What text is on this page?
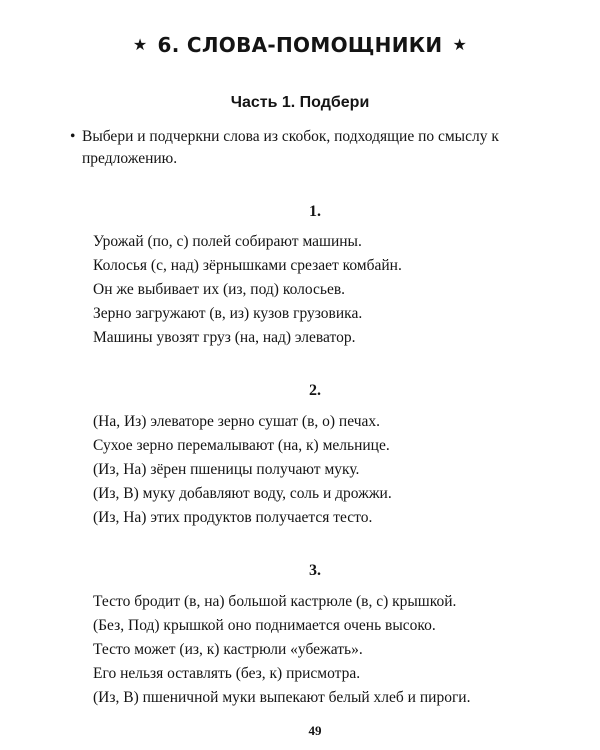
★ 6. СЛОВА-ПОМОЩНИКИ ★
Часть 1. Подбери
• Выбери и подчеркни слова из скобок, подходящие по смыслу к предложению.
1.
Урожай (по, с) полей собирают машины.
Колосья (с, над) зёрнышками срезает комбайн.
Он же выбивает их (из, под) колосьев.
Зерно загружают (в, из) кузов грузовика.
Машины увозят груз (на, над) элеватор.
2.
(На, Из) элеваторе зерно сушат (в, о) печах.
Сухое зерно перемалывают (на, к) мельнице.
(Из, На) зёрен пшеницы получают муку.
(Из, В) муку добавляют воду, соль и дрожжи.
(Из, На) этих продуктов получается тесто.
3.
Тесто бродит (в, на) большой кастрюле (в, с) крышкой.
(Без, Под) крышкой оно поднимается очень высоко.
Тесто может (из, к) кастрюли «убежать».
Его нельзя оставлять (без, к) присмотра.
(Из, В) пшеничной муки выпекают белый хлеб и пироги.
49
